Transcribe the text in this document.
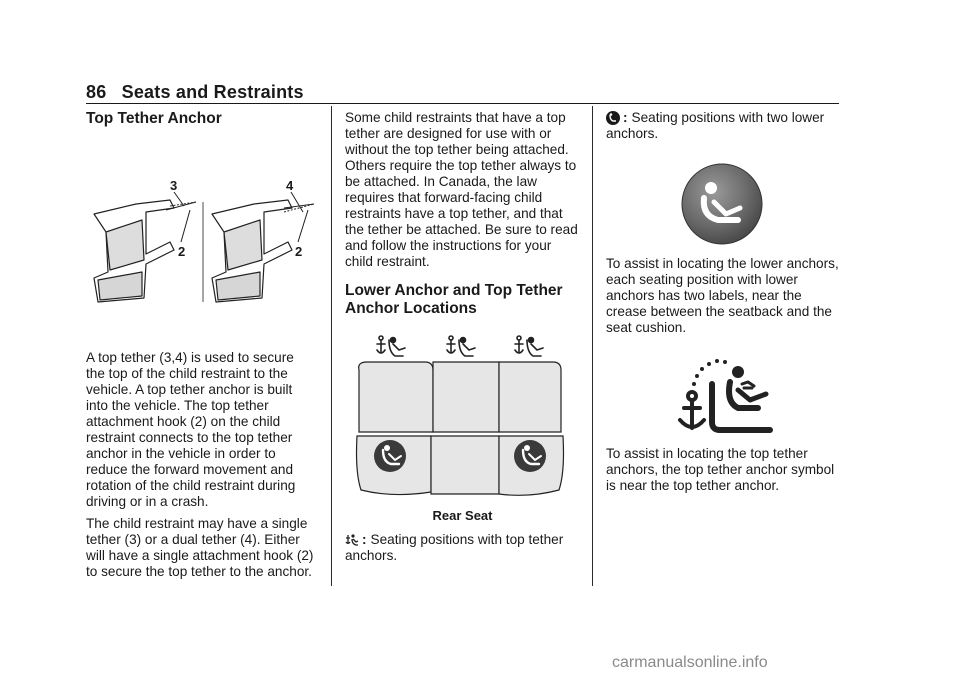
86 Seats and Restraints
Top Tether Anchor
3
2
4
2

A top tether (3,4) is used to secure the top of the child restraint to the vehicle. A top tether anchor is built into the vehicle. The top tether attachment hook (2) on the child restraint connects to the top tether anchor in the vehicle in order to reduce the forward movement and rotation of the child restraint during driving or in a crash.

The child restraint may have a single tether (3) or a dual tether (4). Either will have a single attachment hook (2) to secure the top tether to the anchor.

Some child restraints that have a top tether are designed for use with or without the top tether being attached. Others require the top tether always to be attached. In Canada, the law requires that forward-facing child restraints have a top tether, and that the tether be attached. Be sure to read and follow the instructions for your child restraint.

Lower Anchor and Top Tether Anchor Locations

Rear Seat

: Seating positions with top tether anchors.

: Seating positions with two lower anchors.

To assist in locating the lower anchors, each seating position with lower anchors has two labels, near the crease between the seatback and the seat cushion.

To assist in locating the top tether anchors, the top tether anchor symbol is near the top tether anchor.

carmanualsonline.info
